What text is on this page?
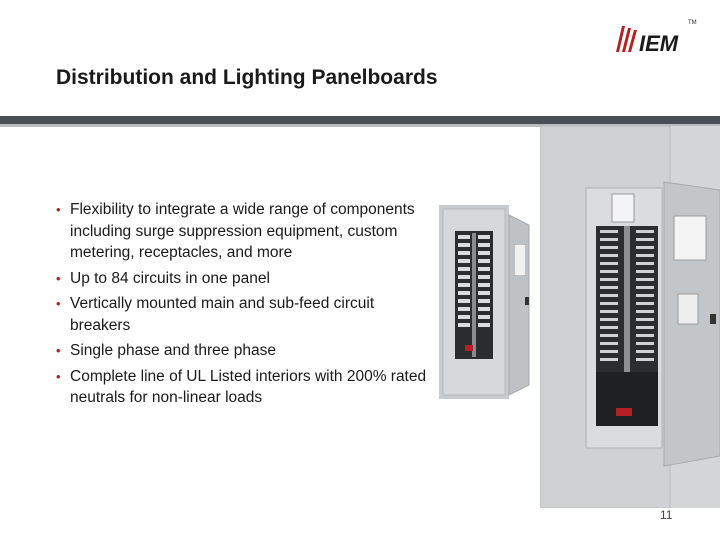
IEM
TM
Distribution and Lighting Panelboards
• Flexibility to integrate a wide range of components including surge suppression equipment, custom metering, receptacles, and more
• Up to 84 circuits in one panel
• Vertically mounted main and sub-feed circuit breakers
• Single phase and three phase
• Complete line of UL Listed interiors with 200% rated neutrals for non-linear loads
11
